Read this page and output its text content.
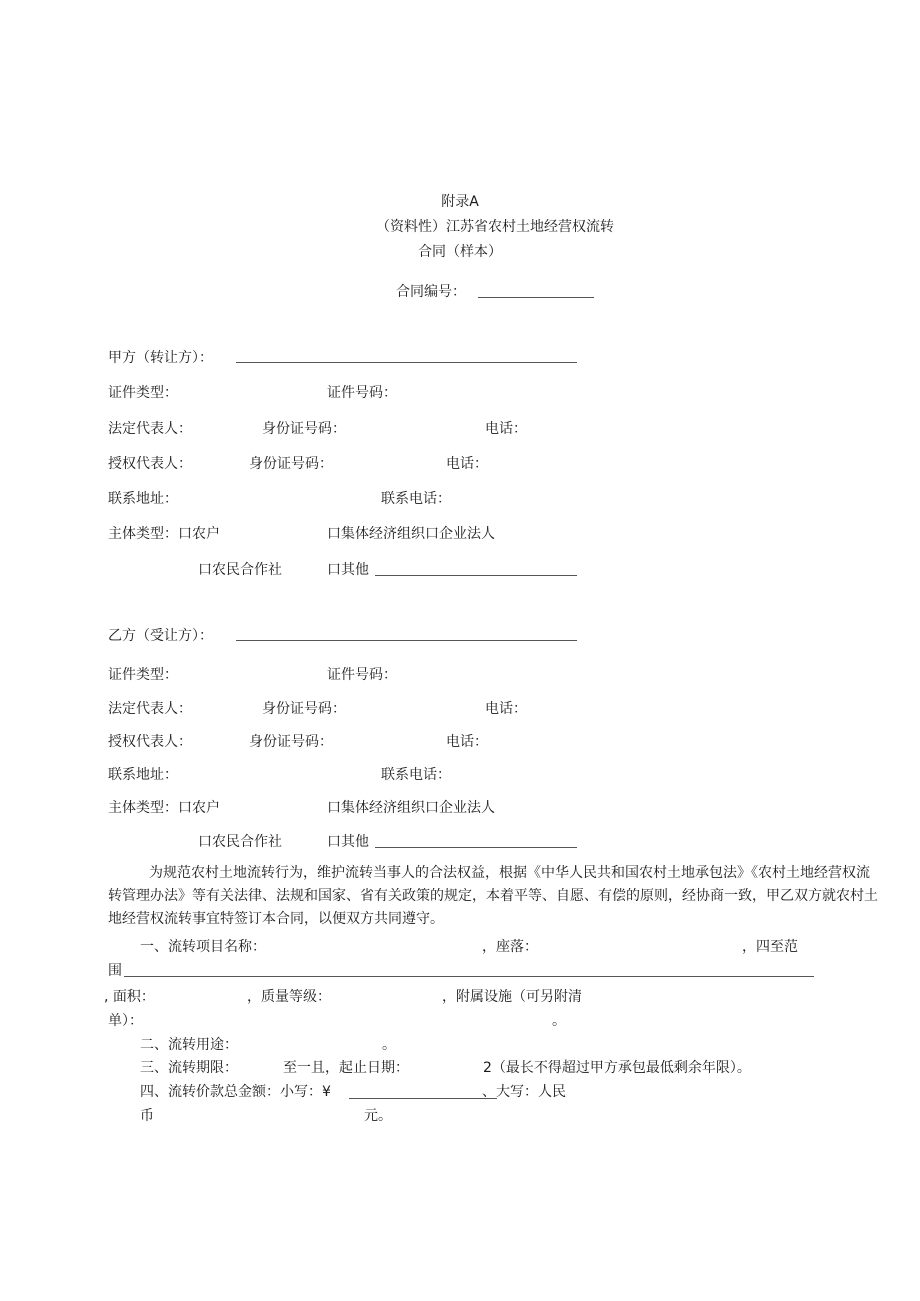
附录A
（资料性）江苏省农村土地经营权流转
合同（样本）
合同编号：
甲方（转让方）：
证件类型：	证件号码：
法定代表人：	身份证号码：	电话：
授权代表人：	身份证号码：	电话：
联系地址：	联系电话：
主体类型：口农户	口集体经济组织口企业法人
口农民合作社	口其他
乙方（受让方）：
证件类型：	证件号码：
法定代表人：	身份证号码：	电话：
授权代表人：	身份证号码：	电话：
联系地址：	联系电话：
主体类型：口农户	口集体经济组织口企业法人
口农民合作社	口其他
为规范农村土地流转行为，维护流转当事人的合法权益，根据《中华人民共和国农村土地承包法》《农村土地经营权流转管理办法》等有关法律、法规和国家、省有关政策的规定，本着平等、自愿、有偿的原则，经协商一致，甲乙双方就农村土地经营权流转事宜特签订本合同，以便双方共同遵守。
一、流转项目名称：	，座落：	，四至范
围
, 面积：	，质量等级：	，附属设施（可另附清
单）：	。
二、流转用途：	。
三、流转期限：	至一且，起止日期：	2（最长不得超过甲方承包最低剩余年限）。
四、流转价款总金额：小写：¥	、大写：人民
币	元。
